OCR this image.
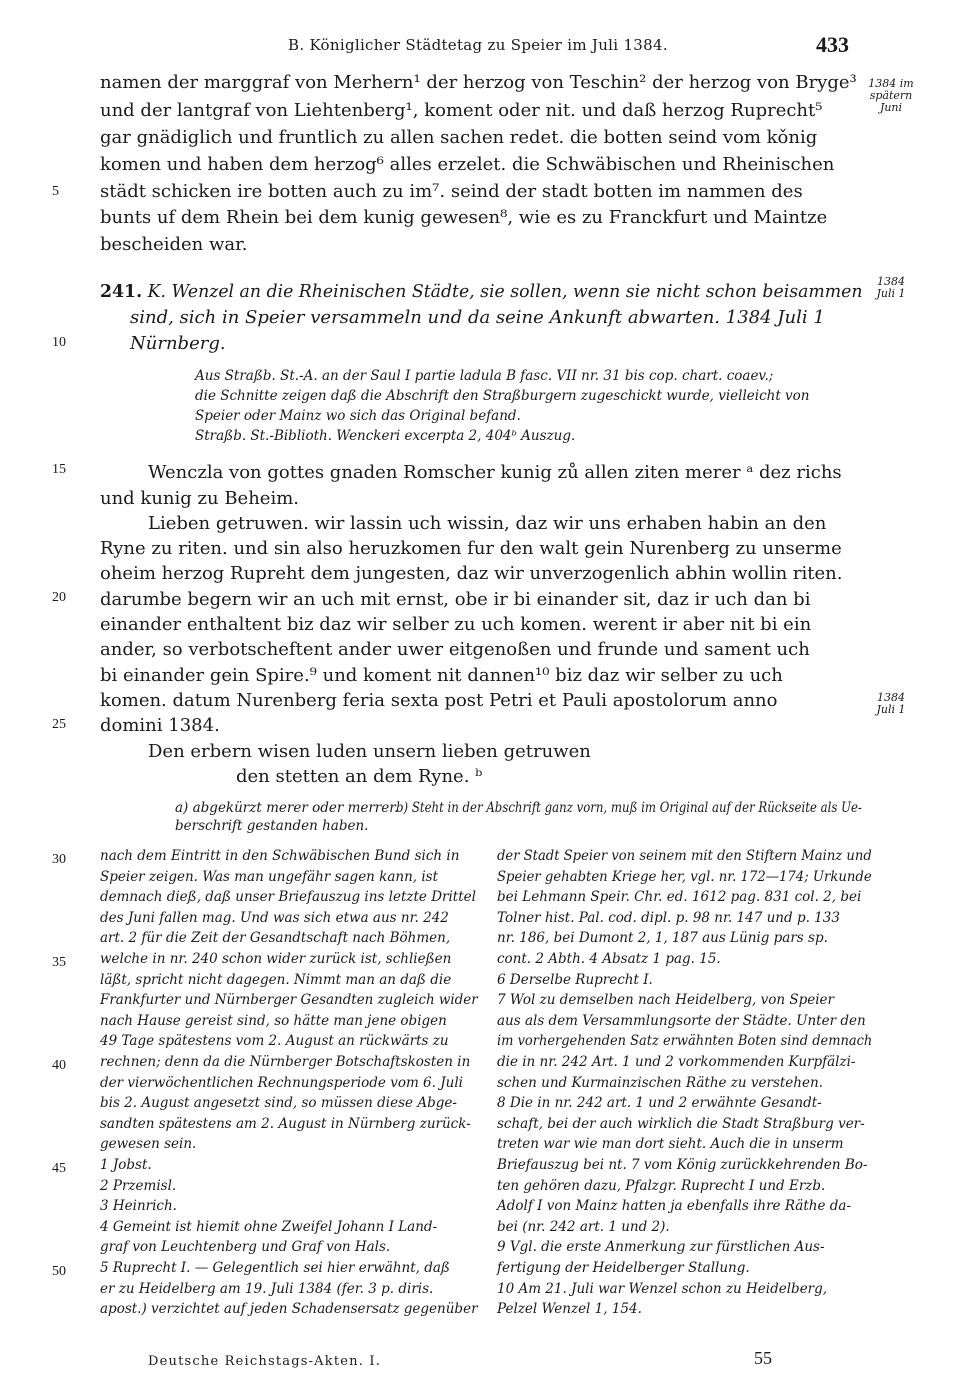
B. Königlicher Städtetag zu Speier im Juli 1384.	433
namen der marggraf von Merhern¹ der herzog von Teschin² der herzog von Bryge³
und der lantgraf von Liehtenberg¹, koment oder nit. und daß herzog Ruprecht⁵
gar gnädiglich und fruntlich zu allen sachen redet. die botten seind vom kǒnig
komen und haben dem herzog⁶ alles erzelet. die Schwäbischen und Rheinischen
städt schicken ire botten auch zu im⁷. seind der stadt botten im nammen des
bunts uf dem Rhein bei dem kunig gewesen⁸, wie es zu Franckfurt und Maintze
bescheiden war.
1384 im spätern Juni
1384 Juli 1
1384 Juli 1
5
10
15
20
25
30
35
40
45
50
241. K. Wenzel an die Rheinischen Städte, sie sollen, wenn sie nicht schon beisammen
sind, sich in Speier versammeln und da seine Ankunft abwarten. 1384 Juli 1
Nürnberg.
Aus Straßb. St.-A. an der Saul I partie ladula B fasc. VII nr. 31 bis cop. chart. coaev.;
die Schnitte zeigen daß die Abschrift den Straßburgern zugeschickt wurde, vielleicht von
Speier oder Mainz wo sich das Original befand.
Straßb. St.-Biblioth. Wenckeri excerpta 2, 404ᵇ Auszug.
Wenczla von gottes gnaden Romscher kunig zů allen ziten merer ᵃ dez richs
und kunig zu Beheim.
Lieben getruwen. wir lassin uch wissin, daz wir uns erhaben habin an den
Ryne zu riten. und sin also heruzkomen fur den walt gein Nurenberg zu unserme
oheim herzog Rupreht dem jungesten, daz wir unverzogenlich abhin wollin riten.
darumbe begern wir an uch mit ernst, obe ir bi einander sit, daz ir uch dan bi
einander enthaltent biz daz wir selber zu uch komen. werent ir aber nit bi ein
ander, so verbotscheftent ander uwer eitgenoßen und frunde und sament uch
bi einander gein Spire.⁹ und koment nit dannen¹⁰ biz daz wir selber zu uch
komen. datum Nurenberg feria sexta post Petri et Pauli apostolorum anno
domini 1384.
Den erbern wisen luden unsern lieben getruwen
den stetten an dem Ryne. ᵇ
a) abgekürzt merer oder merrer.
b) Steht in der Abschrift ganz vorn, muß im Original auf der Rückseite als Ue-
berschrift gestanden haben.
nach dem Eintritt in den Schwäbischen Bund sich in
Speier zeigen. Was man ungefähr sagen kann, ist
demnach dieß, daß unser Briefauszug ins letzte Drittel
des Juni fallen mag. Und was sich etwa aus nr. 242
art. 2 für die Zeit der Gesandtschaft nach Böhmen,
welche in nr. 240 schon wider zurück ist, schließen
läßt, spricht nicht dagegen. Nimmt man an daß die
Frankfurter und Nürnberger Gesandten zugleich wider
nach Hause gereist sind, so hätte man jene obigen
49 Tage spätestens vom 2. August an rückwärts zu
rechnen; denn da die Nürnberger Botschaftskosten in
der vierwöchentlichen Rechnungsperiode vom 6. Juli
bis 2. August angesetzt sind, so müssen diese Abge-
sandten spätestens am 2. August in Nürnberg zurück-
gewesen sein.
1 Jobst.
2 Przemisl.
3 Heinrich.
4 Gemeint ist hiemit ohne Zweifel Johann I Land-
graf von Leuchtenberg und Graf von Hals.
5 Ruprecht I. — Gelegentlich sei hier erwähnt, daß
er zu Heidelberg am 19. Juli 1384 (fer. 3 p. diris.
apost.) verzichtet auf jeden Schadensersatz gegenüber
der Stadt Speier von seinem mit den Stiftern Mainz und
Speier gehabten Kriege her, vgl. nr. 172—174; Urkunde
bei Lehmann Speir. Chr. ed. 1612 pag. 831 col. 2, bei
Tolner hist. Pal. cod. dipl. p. 98 nr. 147 und p. 133
nr. 186, bei Dumont 2, 1, 187 aus Lünig pars sp.
cont. 2 Abth. 4 Absatz 1 pag. 15.
6 Derselbe Ruprecht I.
7 Wol zu demselben nach Heidelberg, von Speier
aus als dem Versammlungsorte der Städte. Unter den
im vorhergehenden Satz erwähnten Boten sind demnach
die in nr. 242 Art. 1 und 2 vorkommenden Kurpfälzi-
schen und Kurmainzischen Räthe zu verstehen.
8 Die in nr. 242 art. 1 und 2 erwähnte Gesandt-
schaft, bei der auch wirklich die Stadt Straßburg ver-
treten war wie man dort sieht. Auch die in unserm
Briefauszug bei nt. 7 vom König zurückkehrenden Bo-
ten gehören dazu, Pfalzgr. Ruprecht I und Erzb.
Adolf I von Mainz hatten ja ebenfalls ihre Räthe da-
bei (nr. 242 art. 1 und 2).
9 Vgl. die erste Anmerkung zur fürstlichen Aus-
fertigung der Heidelberger Stallung.
10 Am 21. Juli war Wenzel schon zu Heidelberg,
Pelzel Wenzel 1, 154.
Deutsche Reichstags-Akten. I.	55
